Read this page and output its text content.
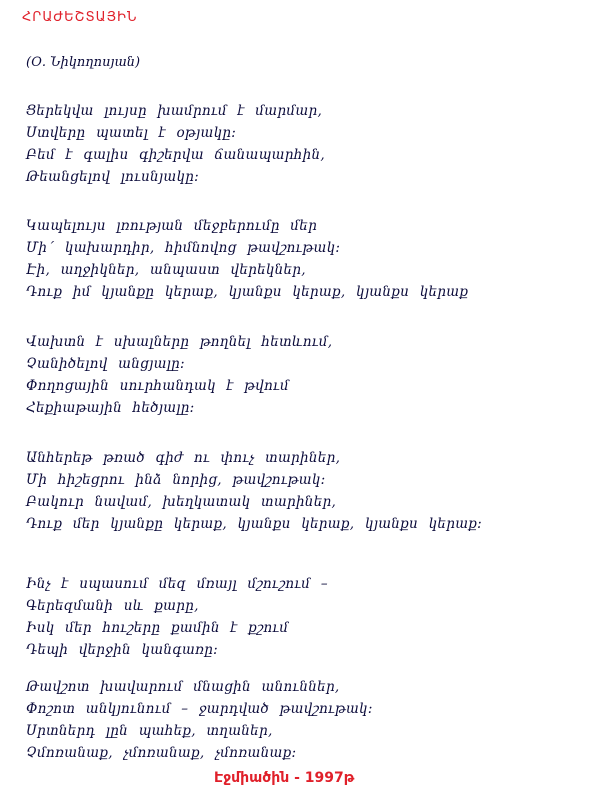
ՀՐԱԺԵՇՏԱՅԻՆ
(Օ. Նիկողոսյան)
Ցերեկվա լույսը խամրում է մարմար,
Ստվերը պատել է օթյակը:
Բեմ է գալիս գիշերվա ճանապարհին,
Թեանցելով լուսնյակը:
Կապելույս լռության մեջբերումը մեր
Մի´ կախարդիր, հիմնովոց թավշութակ:
Էի, աղջիկներ, անպաստ վերեկներ,
Դուք իմ կյանքը կերաք, կյանքս կերաք, կյանքս կերաք
Վախտն է սխալները թողնել հետևում,
Չանիծելով անցյալը:
Փողոցային սուրհանդակ է թվում
Հեքիաթային հեծյալը:
Անհերեթ թռած գիժ ու փուչ տարիներ,
Մի հիշեցրու ինձ նորից, թավշութակ:
Բակուր նավամ, խեղկատակ տարիներ,
Դուք մեր կյանքը կերաք, կյանքս կերաք, կյանքս կերաք:
Ինչ է սպասում մեզ մռայլ մշուշում –
Գերեզմանի սև քարը,
Իսկ մեր հուշերը քամին է քշում
Դեպի վերջին կանգառը:
Թավշոտ խավարում մնացին անուններ,
Փոշոտ անկյունում – ջարդված թավշութակ:
Սրտներդ լըն պահեք, տղաներ,
Չմոռանաք, չմոռանաք, չմոռանաք:
Էջմիածին - 1997թ
